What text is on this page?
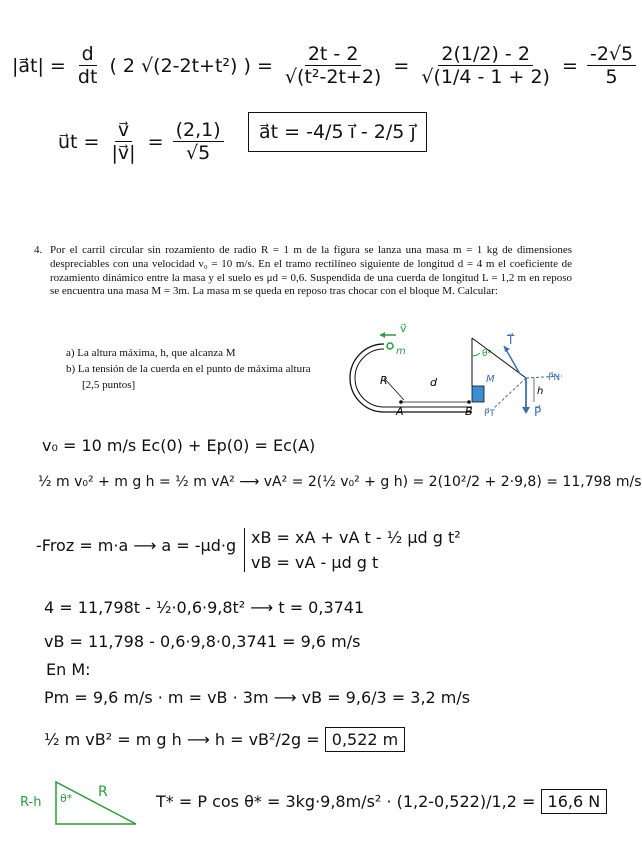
|a⃗t| = $\frac{d}{dt}$ ( 2 √(2-2t+t²) ) = $\frac{2t - 2}{\text{√(t²-2t+2)}} = \frac{2(1/2) - 2}{√(1/4 - 1 + 2)} = \frac{-2√5}{5}$
u⃗t = $\frac{v⃗}{|v⃗|} = \frac{(2,1)}{√5}$	a⃗t = -4/5 i⃗ - 2/5 j⃗
4. Por el carril circular sin rozamiento de radio R = 1 m de la figura se lanza una masa m = 1 kg de dimensiones despreciables con una velocidad v₀ = 10 m/s. En el tramo rectilíneo siguiente de longitud d = 4 m el coeficiente de rozamiento dinámico entre la masa y el suelo es μd = 0,6. Suspendida de una cuerda de longitud L = 1,2 m en reposo se encuentra una masa M = 3m. La masa m se queda en reposo tras chocar con el bloque M. Calcular:
a) La altura máxima, h, que alcanza M
b) La tensión de la cuerda en el punto de máxima altura
[2,5 puntos]
v⃗
m
R	d
A	B
M
θ*
T⃗
P⃗N
P⃗T	P⃗
h
v₀ = 10 m/s Ec(0) + Ep(0) = Ec(A)
½ m v₀² + m g h = ½ m vA² ⟶ vA² = 2(½ v₀² + g h) = 2(10²/2 + 2·9,8) = 11,798 m/s
-Froz = m·a ⟶ a = -μd·g xB = xA + vA t - ½ μd g t²
vB = vA - μd g t
4 = 11,798t - ½·0,6·9,8t² ⟶ t = 0,3741
vB = 11,798 - 0,6·9,8·0,3741 = 9,6 m/s
En M:
Pm = 9,6 m/s · m = vB · 3m ⟶ vB = 9,6/3 = 3,2 m/s
½ m vB² = m g h ⟶ h = vB²/2g = 0,522 m
R
R-h θ*	T* = P cos θ* = 3kg·9,8m/s² · (1,2-0,522)/1,2 = 16,6 N
